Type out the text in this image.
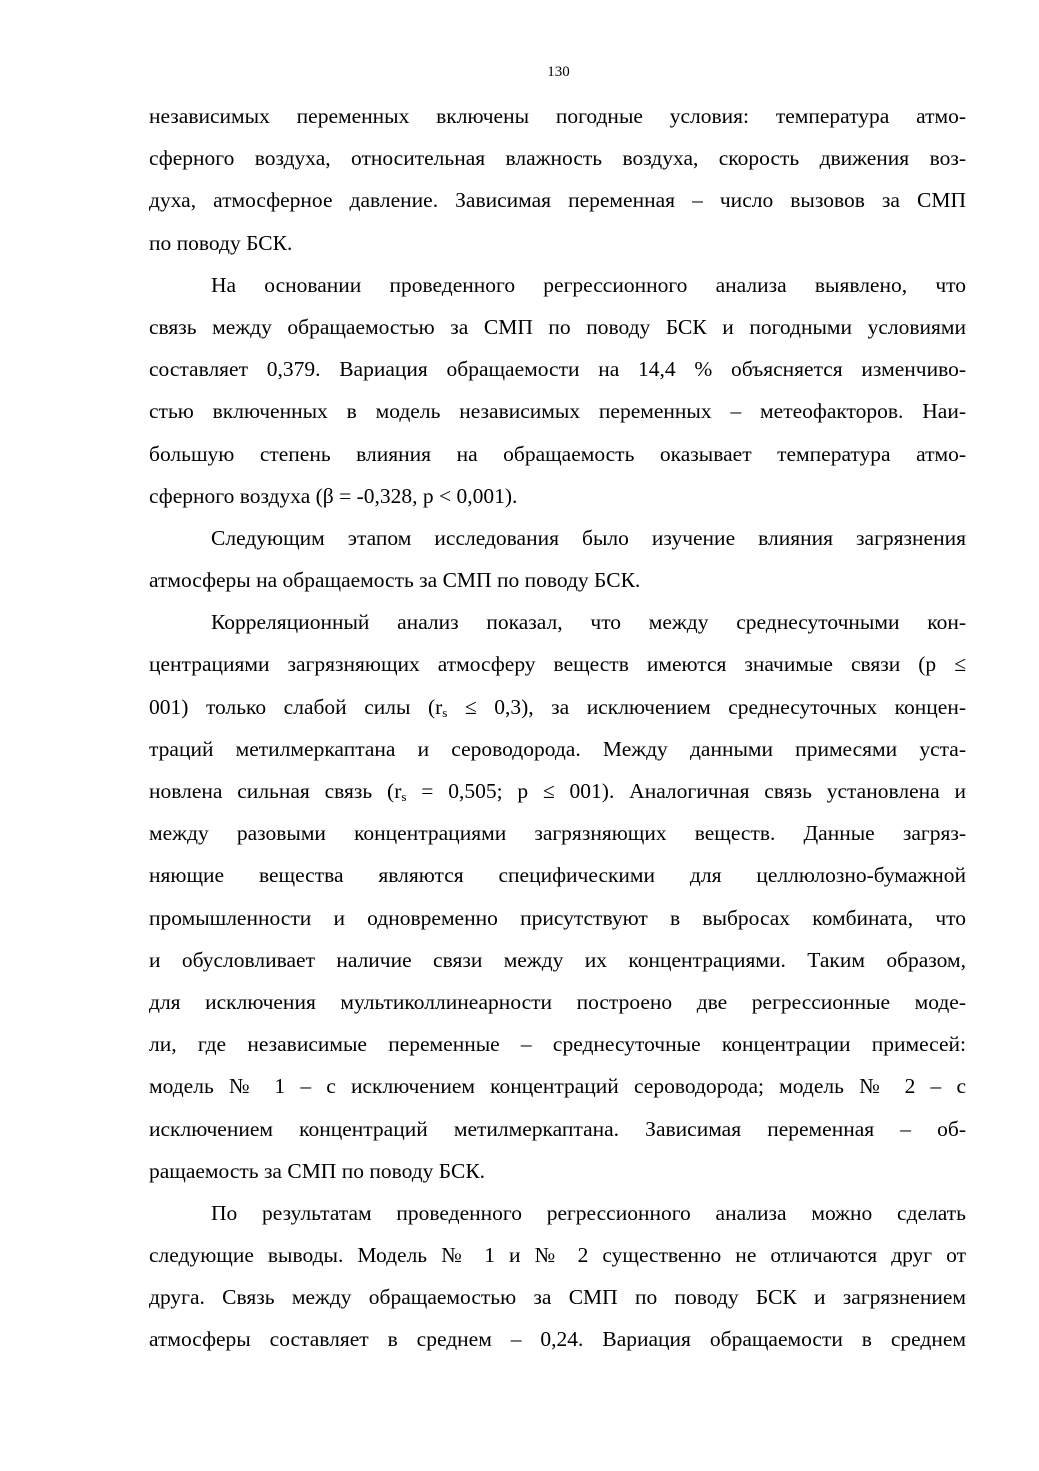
130
независимых переменных включены погодные условия: температура атмо-
сферного воздуха, относительная влажность воздуха, скорость движения воз-
духа, атмосферное давление. Зависимая переменная – число вызовов за СМП
по поводу БСК.
На основании проведенного регрессионного анализа выявлено, что
связь между обращаемостью за СМП по поводу БСК и погодными условиями
составляет 0,379. Вариация обращаемости на 14,4 % объясняется изменчиво-
стью включенных в модель независимых переменных – метеофакторов. Наи-
большую степень влияния на обращаемость оказывает температура атмо-
сферного воздуха (β = -0,328, р < 0,001).
Следующим этапом исследования было изучение влияния загрязнения
атмосферы на обращаемость за СМП по поводу БСК.
Корреляционный анализ показал, что между среднесуточными кон-
центрациями загрязняющих атмосферу веществ имеются значимые связи (р ≤
001) только слабой силы $(r_s \le 0,3)$, за исключением среднесуточных концен-
траций метилмеркаптана и сероводорода. Между данными примесями уста-
новлена сильная связь ($r_s = 0,505$; р ≤ 001). Аналогичная связь установлена и
между разовыми концентрациями загрязняющих веществ. Данные загряз-
няющие вещества являются специфическими для целлюлозно-бумажной
промышленности и одновременно присутствуют в выбросах комбината, что
и обусловливает наличие связи между их концентрациями. Таким образом,
для исключения мультиколлинеарности построено две регрессионные моде-
ли, где независимые переменные – среднесуточные концентрации примесей:
модель № 1 – с исключением концентраций сероводорода; модель № 2 – с
исключением концентраций метилмеркаптана. Зависимая переменная – об-
ращаемость за СМП по поводу БСК.
По результатам проведенного регрессионного анализа можно сделать
следующие выводы. Модель № 1 и № 2 существенно не отличаются друг от
друга. Связь между обращаемостью за СМП по поводу БСК и загрязнением
атмосферы составляет в среднем – 0,24. Вариация обращаемости в среднем
